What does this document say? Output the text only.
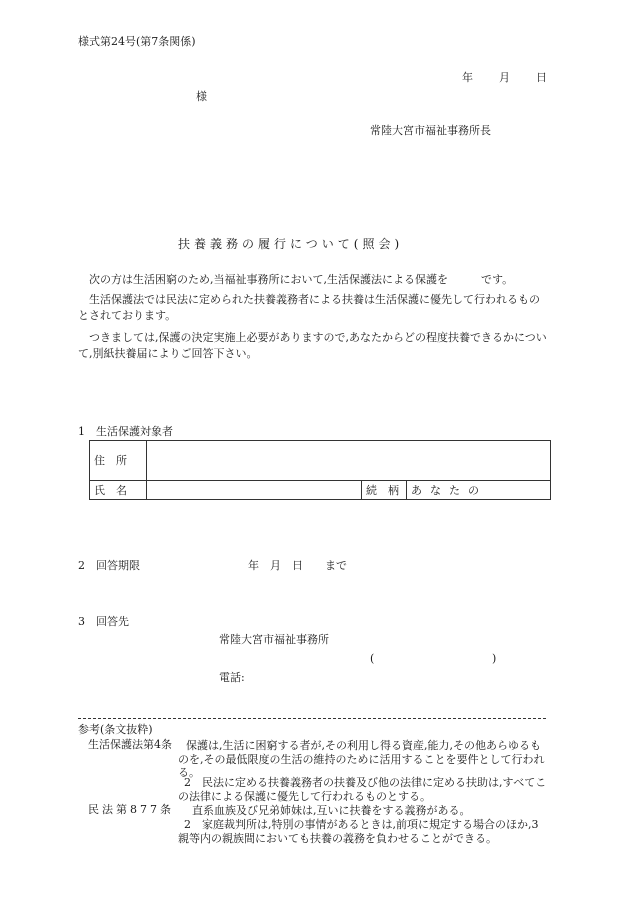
様式第24号(第7条関係)
年 月 日
様
常陸大宮市福祉事務所長
扶養義務の履行について(照会)
次の方は生活困窮のため,当福祉事務所において,生活保護法による保護を　　　です。
生活保護法では民法に定められた扶養義務者による扶養は生活保護に優先して行われるものとされております。
つきましては,保護の決定実施上必要がありますので,あなたからどの程度扶養できるかについて,別紙扶養届によりご回答下さい。
1　生活保護対象者
住　所			
氏　名		続　柄	あなたの
2　回答期限	年　月　日　　まで
3　回答先
常陸大宮市福祉事務所
(	)
電話:
参考(条文抜粋)
生活保護法第4条	保護は,生活に困窮する者が,その利用し得る資産,能力,その他あらゆるものを,その最低限度の生活の維持のために活用することを要件として行われる。
2　民法に定める扶養義務者の扶養及び他の法律に定める扶助は,すべてこの法律による保護に優先して行われるものとする。
民法第877条 直系血族及び兄弟姉妹は,互いに扶養をする義務がある。
2　家庭裁判所は,特別の事情があるときは,前項に規定する場合のほか,3親等内の親族間においても扶養の義務を負わせることができる。
